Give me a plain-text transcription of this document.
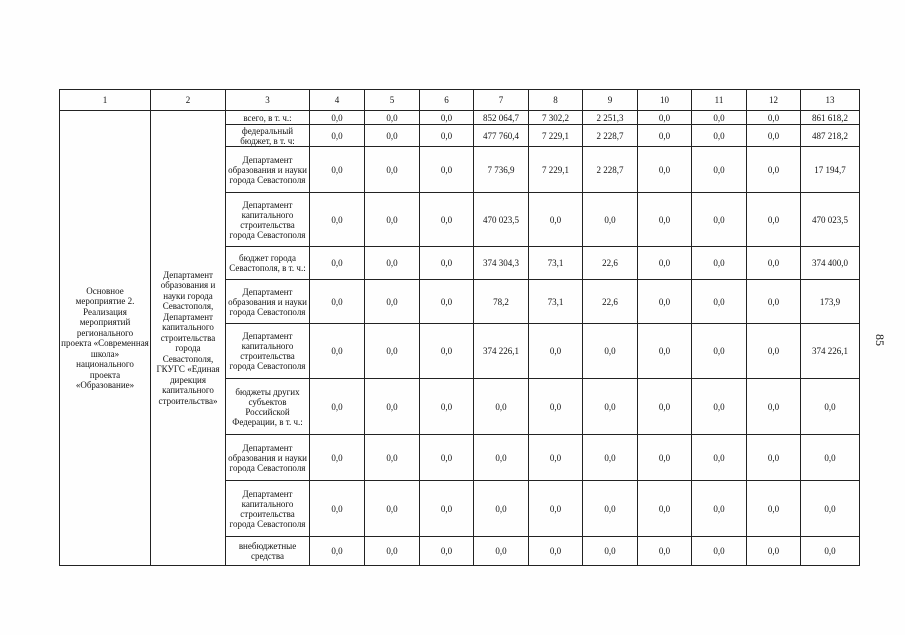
1	2	3	4	5	6	7	8	9	10	11	12	13
Основное мероприятие 2. Реализация мероприятий регионального проекта «Современная школа» национального проекта «Образование»	Департамент образования и науки города Севастополя, Департамент капитального строительства города Севастополя, ГКУГС «Единая дирекция капитального строительства»	всего, в т. ч.:	0,0	0,0	0,0	852 064,7	7 302,2	2 251,3	0,0	0,0	0,0	861 618,2
		федеральный бюджет, в т. ч:	0,0	0,0	0,0	477 760,4	7 229,1	2 228,7	0,0	0,0	0,0	487 218,2
		Департамент образования и науки города Севастополя	0,0	0,0	0,0	7 736,9	7 229,1	2 228,7	0,0	0,0	0,0	17 194,7
		Департамент капитального строительства города Севастополя	0,0	0,0	0,0	470 023,5	0,0	0,0	0,0	0,0	0,0	470 023,5
		бюджет города Севастополя, в т. ч.:	0,0	0,0	0,0	374 304,3	73,1	22,6	0,0	0,0	0,0	374 400,0
		Департамент образования и науки города Севастополя	0,0	0,0	0,0	78,2	73,1	22,6	0,0	0,0	0,0	173,9
		Департамент капитального строительства города Севастополя	0,0	0,0	0,0	374 226,1	0,0	0,0	0,0	0,0	0,0	374 226,1
		бюджеты других субъектов Российской Федерации, в т. ч.:	0,0	0,0	0,0	0,0	0,0	0,0	0,0	0,0	0,0	0,0
		Департамент образования и науки города Севастополя	0,0	0,0	0,0	0,0	0,0	0,0	0,0	0,0	0,0	0,0
		Департамент капитального строительства города Севастополя	0,0	0,0	0,0	0,0	0,0	0,0	0,0	0,0	0,0	0,0
		внебюджетные средства	0,0	0,0	0,0	0,0	0,0	0,0	0,0	0,0	0,0	0,0
85
